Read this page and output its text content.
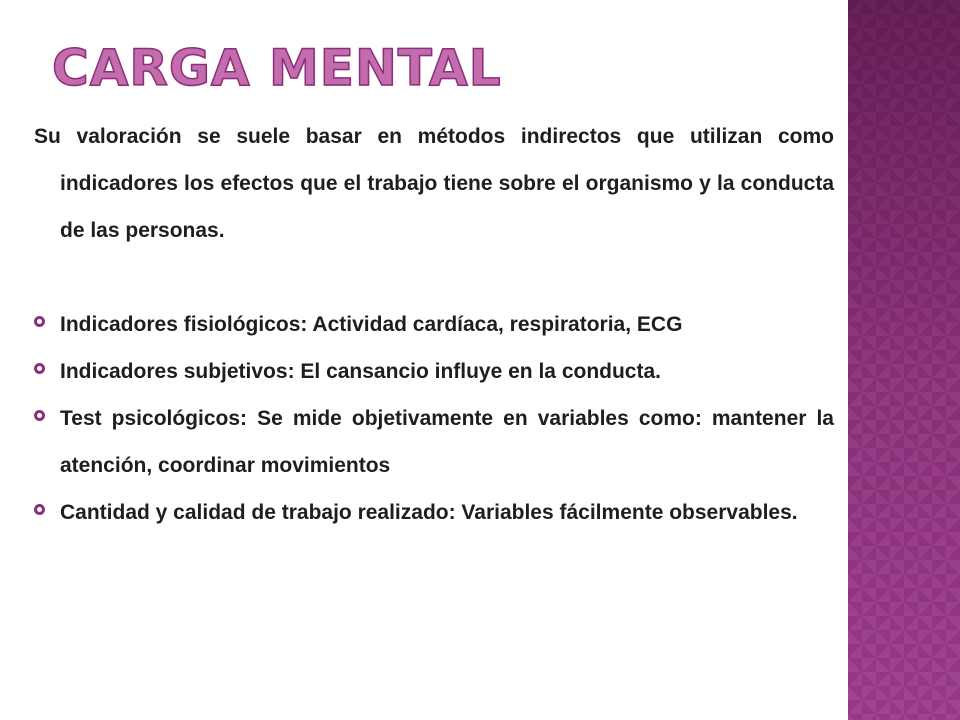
CARGA MENTAL

Su valoración se suele basar en métodos indirectos que utilizan como indicadores los efectos que el trabajo tiene sobre el organismo y la conducta de las personas.

Indicadores fisiológicos: Actividad cardíaca, respiratoria, ECG
Indicadores subjetivos: El cansancio influye en la conducta.
Test psicológicos: Se mide objetivamente en variables como: mantener la atención, coordinar movimientos
Cantidad y calidad de trabajo realizado: Variables fácilmente observables.
